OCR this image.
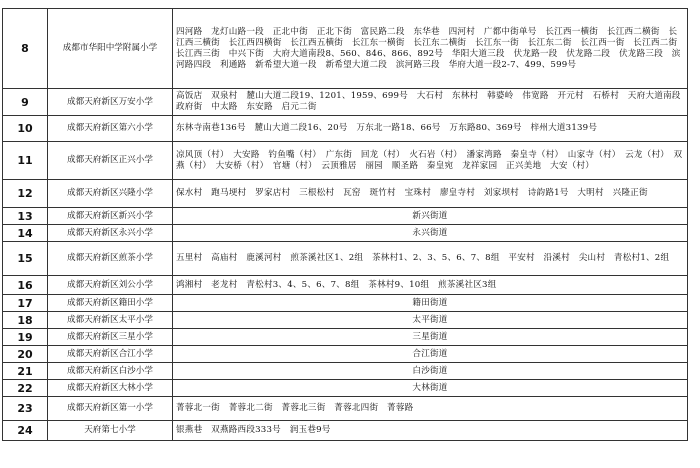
8	成都市华阳中学附属小学	四河路　龙灯山路一段　正北中街　正北下街　富民路二段　东华巷　四河村　广都中街单号　长江西一横街　长江西二横街　长江西三横街　长江西四横街　长江西五横街　长江东一横街　长江东二横街　长江东一街　长江东二街　长江西一街　长江西二街　长江西三街　中兴下街　大府大道南段8、560、846、866、892号　华阳大道三段　伏龙路一段　伏龙路二段　伏龙路三段　滨河路四段　利通路　新希望大道一段　新希望大道二段　滨河路三段　华府大道一段2-7、499、599号
9	成都天府新区万安小学	高饭店　双泉村　麓山大道二段19、1201、1959、699号　大石村　东林村　韩婆岭　伟宽路　开元村　石桥村　天府大道南段　政府街　中太路　东安路　启元二街
10	成都天府新区第六小学	东林寺南巷136号　麓山大道二段16、20号　万东北一路18、66号　万东路80、369号　梓州大道3139号
11	成都天府新区正兴小学	凉风顶（村）　大安路　钓鱼嘴（村）　广东街　回龙（村）　火石岩（村）　潘家湾路　秦皇寺（村）　山家寺（村）　云龙（村）　双燕（村）　大安桥（村）　官塘（村）　云顶雅居　丽园　顺圣路　秦皇宛　龙祥家园　正兴美地　大安（村）
12	成都天府新区兴隆小学	保水村　跑马埂村　罗家店村　三根松村　瓦窑　斑竹村　宝珠村　廖皇寺村　刘家坝村　诗韵路1号　大明村　兴隆正街
13	成都天府新区新兴小学	新兴街道
14	成都天府新区永兴小学	永兴街道
15	成都天府新区煎茶小学	五里村　高庙村　鹿溪河村　煎茶溪社区1、2组　茶林村1、2、3、5、6、7、8组　平安村　沿溪村　尖山村　青松村1、2组
16	成都天府新区刘公小学	鸿湘村　老龙村　青松村3、4、5、6、7、8组　茶林村9、10组　煎茶溪社区3组
17	成都天府新区籍田小学	籍田街道
18	成都天府新区太平小学	太平街道
19	成都天府新区三星小学	三星街道
20	成都天府新区合江小学	合江街道
21	成都天府新区白沙小学	白沙街道
22	成都天府新区大林小学	大林街道
23	成都天府新区第一小学	菁蓉北一街　菁蓉北二街　菁蓉北三街　菁蓉北四街　菁蓉路
24	天府第七小学	银燕巷　双燕路西段333号　润玉巷9号
